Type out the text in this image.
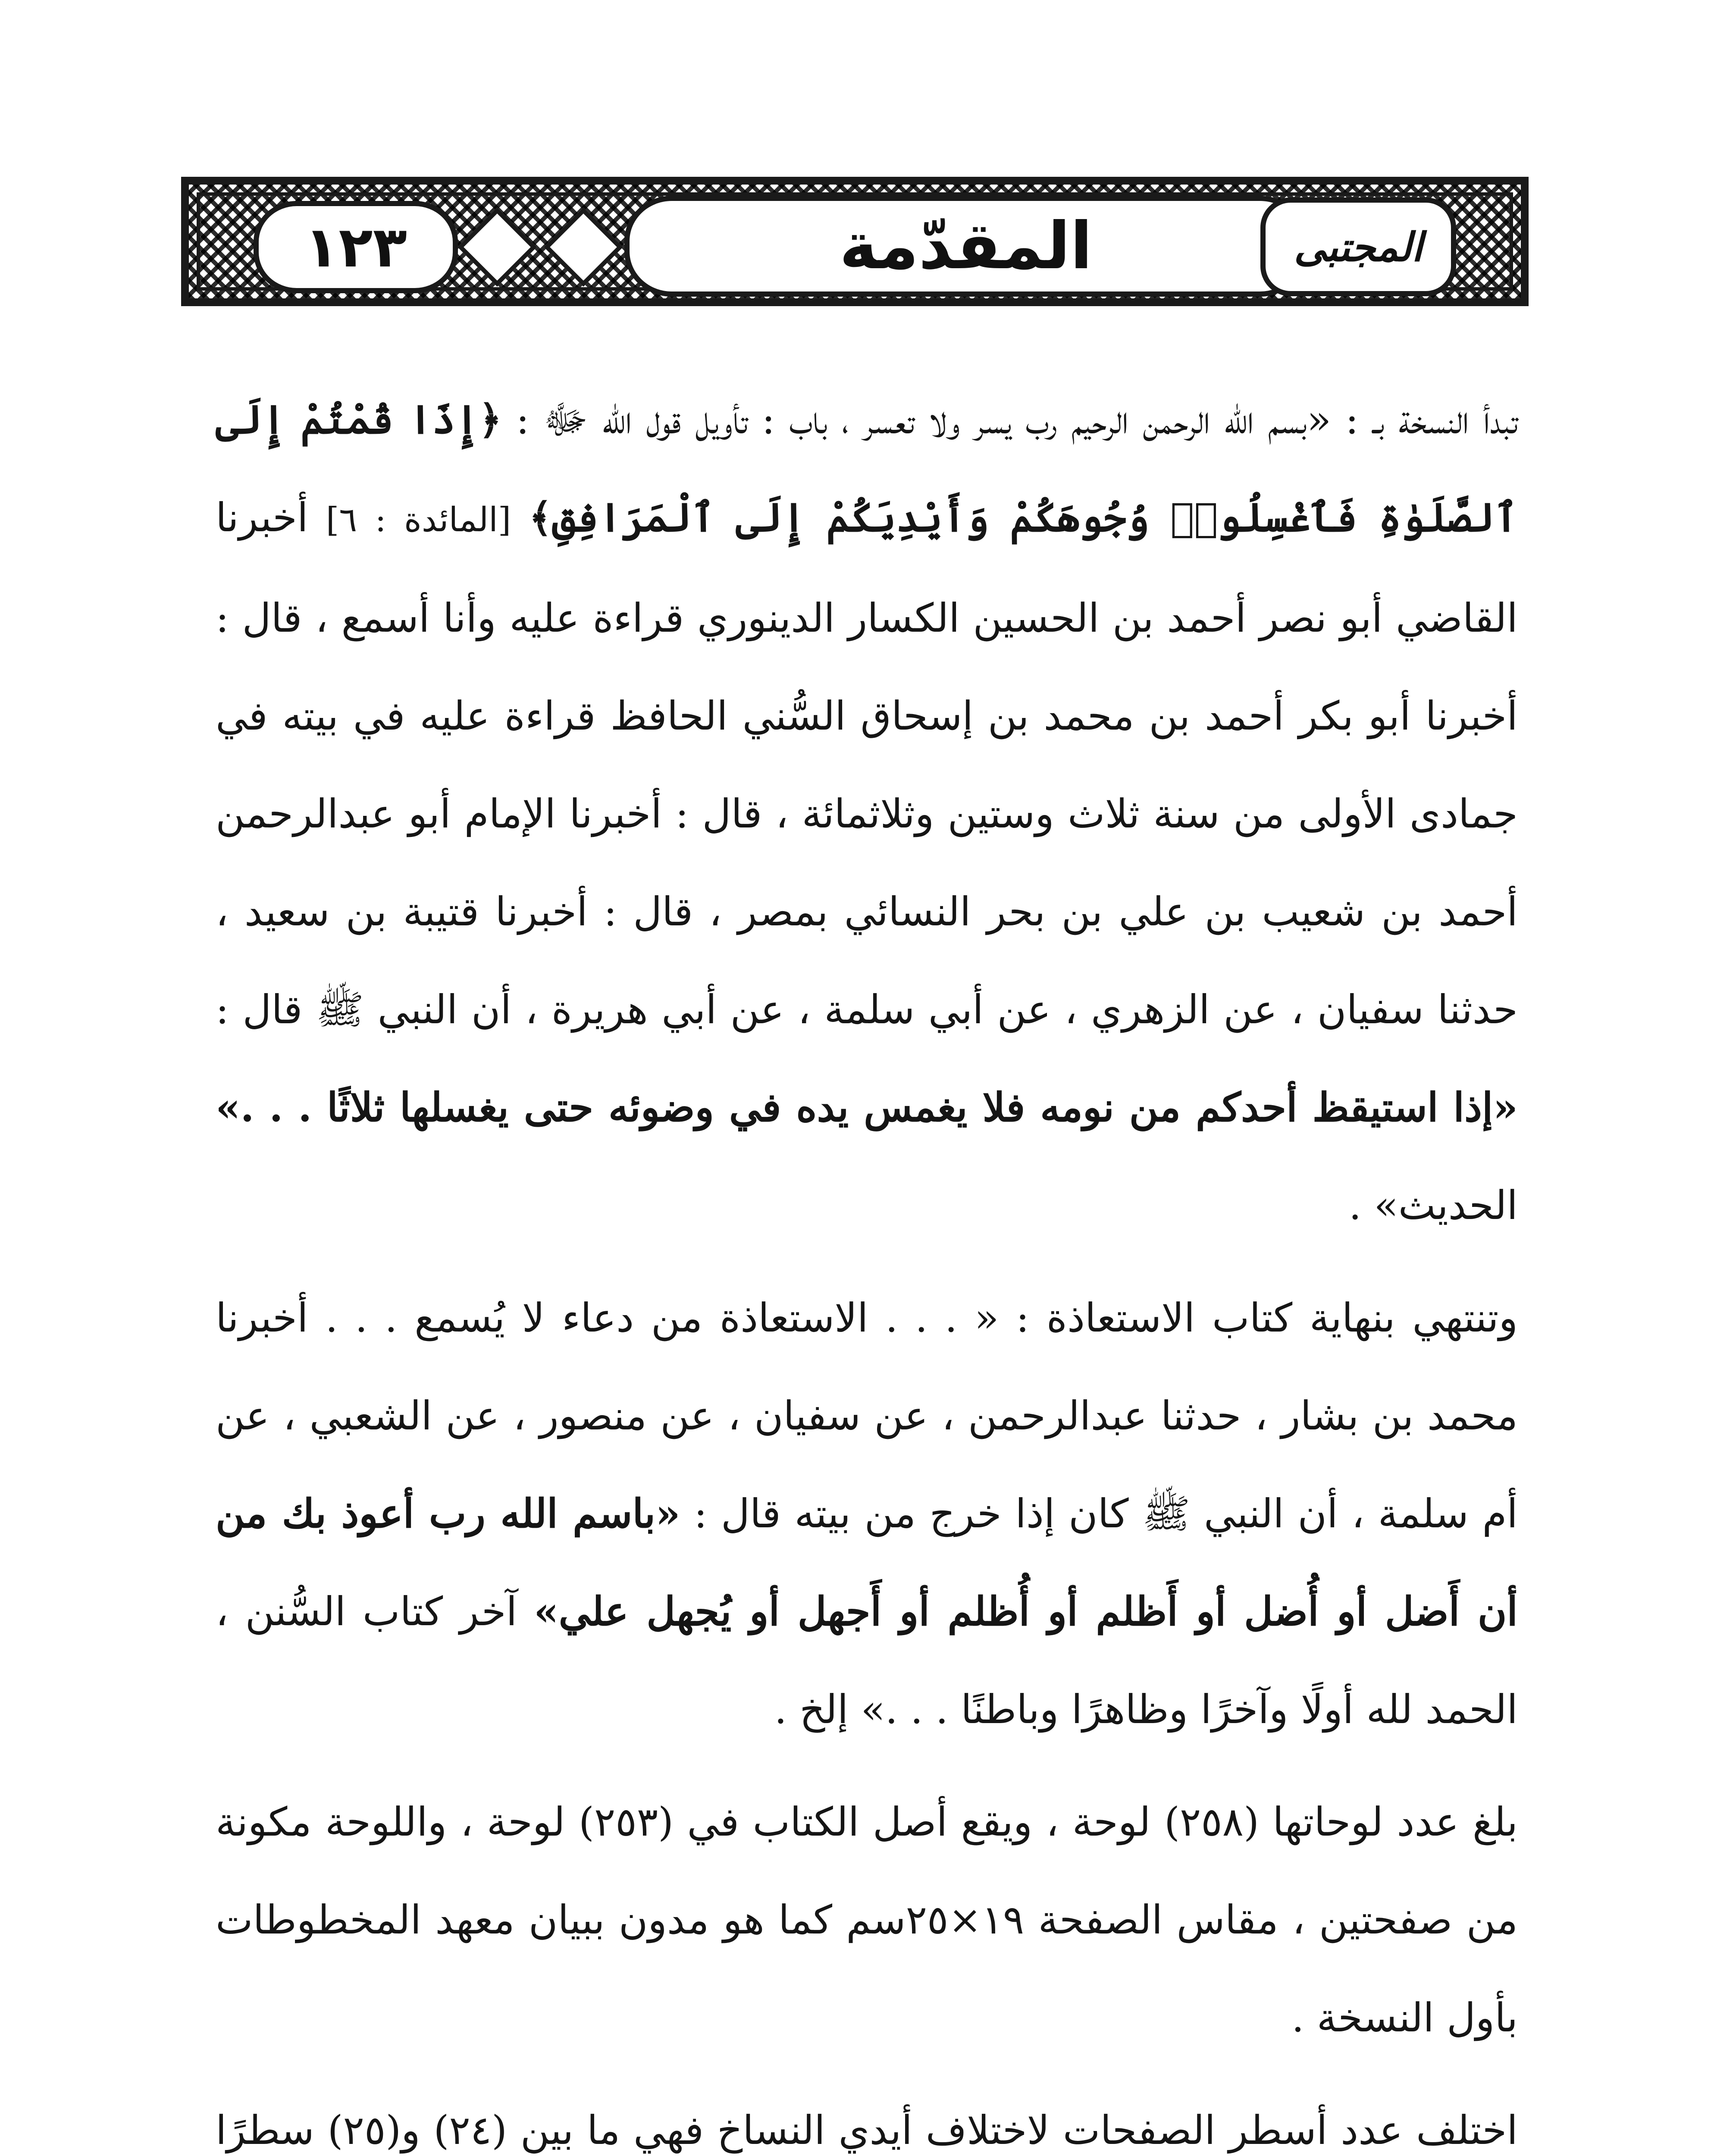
١٢٣	المقدّمة	المجتبى

تبدأ النسخة بـ : «بسم الله الرحمن الرحيم رب يسر ولا تعسر ، باب : تأويل قول الله ﷻ : ﴿إِذَا قُمْتُمْ إِلَى ٱلصَّلَوٰةِ فَٱغْسِلُوا۟ وُجُوهَكُمْ وَأَيْدِيَكُمْ إِلَى ٱلْمَرَافِقِ﴾ [المائدة : ٦] أخبرنا القاضي أبو نصر أحمد بن الحسين الكسار الدينوري قراءة عليه وأنا أسمع ، قال : أخبرنا أبو بكر أحمد بن محمد بن إسحاق السُّني الحافظ قراءة عليه في بيته في جمادى الأولى من سنة ثلاث وستين وثلاثمائة ، قال : أخبرنا الإمام أبو عبدالرحمن أحمد بن شعيب بن علي بن بحر النسائي بمصر ، قال : أخبرنا قتيبة بن سعيد ، حدثنا سفيان ، عن الزهري ، عن أبي سلمة ، عن أبي هريرة ، أن النبي ﷺ قال : «إذا استيقظ أحدكم من نومه فلا يغمس يده في وضوئه حتى يغسلها ثلاثًا . . .» الحديث» .

وتنتهي بنهاية كتاب الاستعاذة : « . . . الاستعاذة من دعاء لا يُسمع . . . أخبرنا محمد بن بشار ، حدثنا عبدالرحمن ، عن سفيان ، عن منصور ، عن الشعبي ، عن أم سلمة ، أن النبي ﷺ كان إذا خرج من بيته قال : «باسم الله رب أعوذ بك من أن أَضل أو أُضل أو أَظلم أو أُظلم أو أَجهل أو يُجهل علي» آخر كتاب السُّنن ، الحمد لله أولًا وآخرًا وظاهرًا وباطنًا . . .» إلخ .

بلغ عدد لوحاتها (٢٥٨) لوحة ، ويقع أصل الكتاب في (٢٥٣) لوحة ، واللوحة مكونة من صفحتين ، مقاس الصفحة ١٩×٢٥سم كما هو مدون ببيان معهد المخطوطات بأول النسخة .

اختلف عدد أسطر الصفحات لاختلاف أيدي النساخ فهي ما بين (٢٤) و(٢٥) سطرًا
